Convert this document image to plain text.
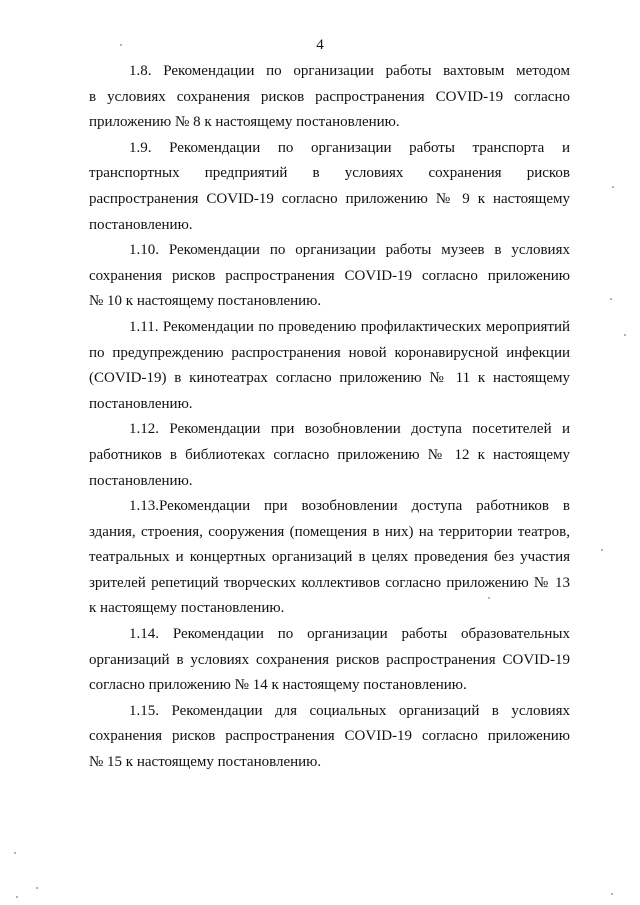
4

1.8. Рекомендации по организации работы вахтовым методом
в условиях сохранения рисков распространения COVID-19 согласно
приложению № 8 к настоящему постановлению.

1.9. Рекомендации по организации работы транспорта и
транспортных предприятий в условиях сохранения рисков
распространения COVID-19 согласно приложению № 9 к настоящему
постановлению.

1.10. Рекомендации по организации работы музеев в условиях
сохранения рисков распространения COVID-19 согласно приложению
№ 10 к настоящему постановлению.

1.11. Рекомендации по проведению профилактических мероприятий
по предупреждению распространения новой коронавирусной инфекции
(COVID-19) в кинотеатрах согласно приложению № 11 к настоящему
постановлению.

1.12. Рекомендации при возобновлении доступа посетителей и
работников в библиотеках согласно приложению № 12 к настоящему
постановлению.

1.13.Рекомендации при возобновлении доступа работников в
здания, строения, сооружения (помещения в них) на территории театров,
театральных и концертных организаций в целях проведения без участия
зрителей репетиций творческих коллективов согласно приложению № 13
к настоящему постановлению.

1.14. Рекомендации по организации работы образовательных
организаций в условиях сохранения рисков распространения COVID-19
согласно приложению № 14 к настоящему постановлению.

1.15. Рекомендации для социальных организаций в условиях
сохранения рисков распространения COVID-19 согласно приложению
№ 15 к настоящему постановлению.
